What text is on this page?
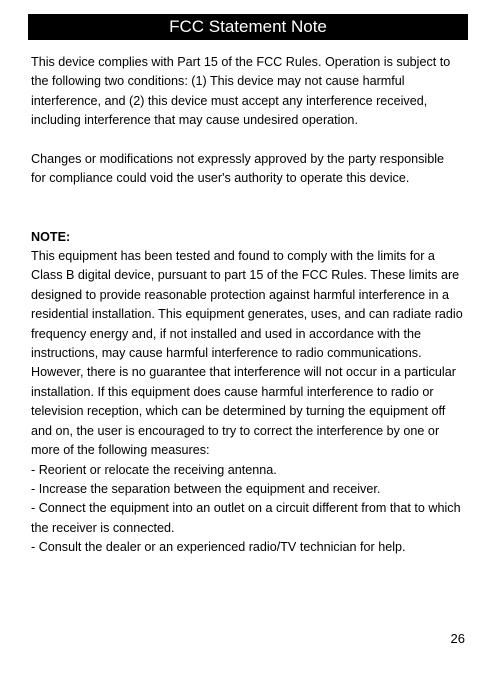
FCC Statement Note

This device complies with Part 15 of the FCC Rules. Operation is subject to
the following two conditions: (1) This device may not cause harmful
interference, and (2) this device must accept any interference received,
including interference that may cause undesired operation.

Changes or modifications not expressly approved by the party responsible
for compliance could void the user's authority to operate this device.

NOTE:
This equipment has been tested and found to comply with the limits for a
Class B digital device, pursuant to part 15 of the FCC Rules. These limits are
designed to provide reasonable protection against harmful interference in a
residential installation. This equipment generates, uses, and can radiate radio
frequency energy and, if not installed and used in accordance with the
instructions, may cause harmful interference to radio communications.
However, there is no guarantee that interference will not occur in a particular
installation. If this equipment does cause harmful interference to radio or
television reception, which can be determined by turning the equipment off
and on, the user is encouraged to try to correct the interference by one or
more of the following measures:
- Reorient or relocate the receiving antenna.
- Increase the separation between the equipment and receiver.
- Connect the equipment into an outlet on a circuit different from that to which
the receiver is connected.
- Consult the dealer or an experienced radio/TV technician for help.

26
